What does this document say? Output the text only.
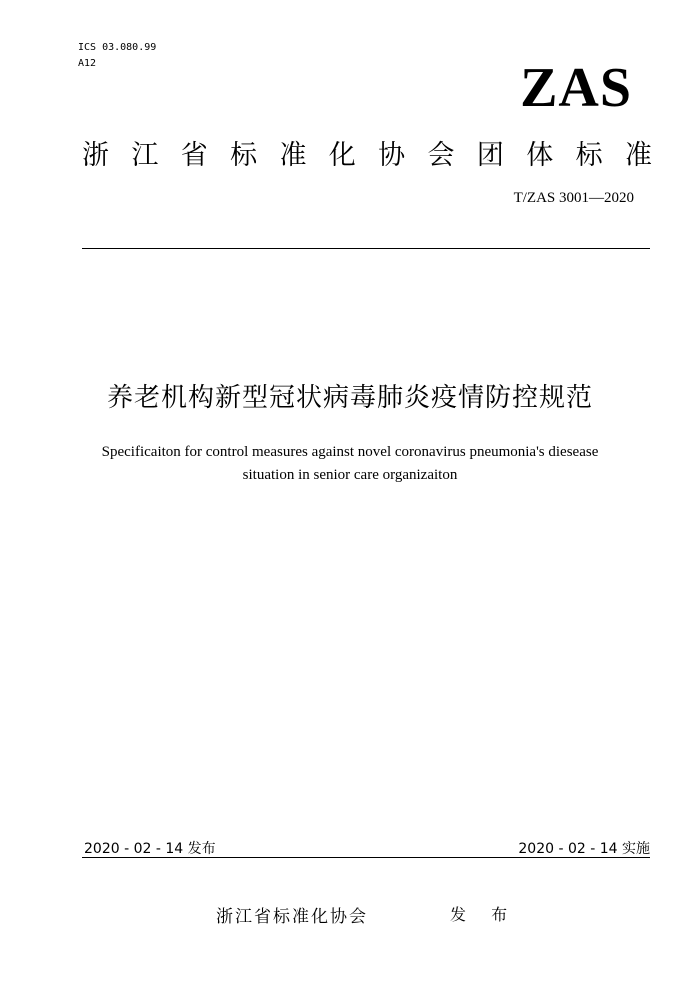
ICS 03.080.99
A12	ZAS
浙 江 省 标 准 化 协 会 团 体 标 准
T/ZAS 3001—2020
养老机构新型冠状病毒肺炎疫情防控规范
Specificaiton for control measures against novel coronavirus pneumonia's diesease
situation in senior care organizaiton
2020 - 02 - 14 发布	2020 - 02 - 14 实施
浙江省标准化协会	发 布
